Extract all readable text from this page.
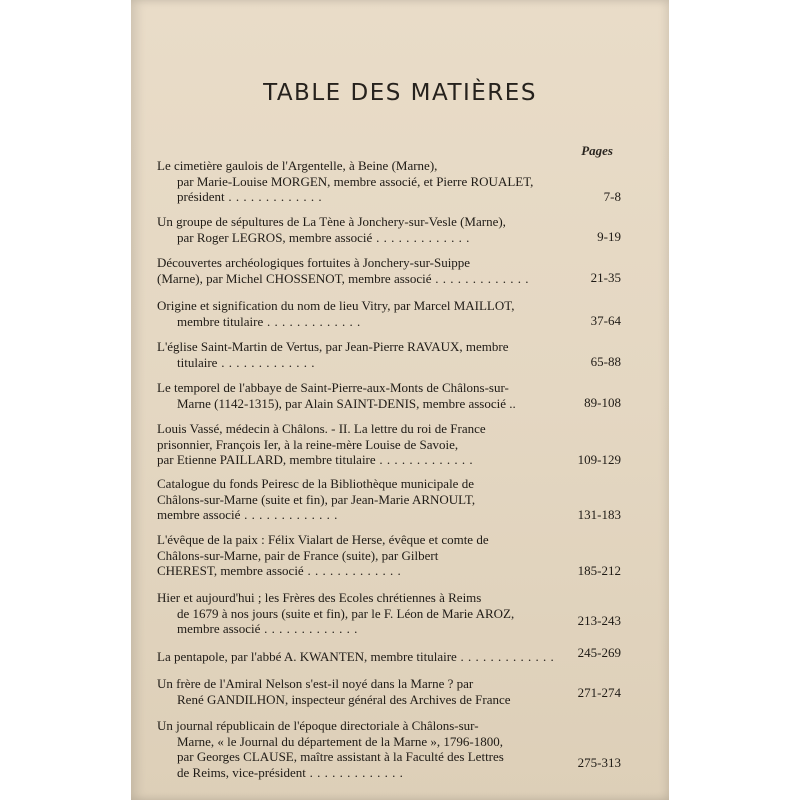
TABLE DES MATIÈRES
Pages
Le cimetière gaulois de l'Argentelle, à Beine (Marne),
par Marie-Louise MORGEN, membre associé, et Pierre ROUALET,
président . . .	7-8
Un groupe de sépultures de La Tène à Jonchery-sur-Vesle (Marne),
par Roger LEGROS, membre associé . . .	9-19
Découvertes archéologiques fortuites à Jonchery-sur-Suippe
(Marne), par Michel CHOSSENOT, membre associé . . .	21-35
Origine et signification du nom de lieu Vitry, par Marcel MAILLOT,
membre titulaire . . .	37-64
L'église Saint-Martin de Vertus, par Jean-Pierre RAVAUX, membre
titulaire . . .	65-88
Le temporel de l'abbaye de Saint-Pierre-aux-Monts de Châlons-sur-
Marne (1142-1315), par Alain SAINT-DENIS, membre associé ..	89-108
Louis Vassé, médecin à Châlons. - II. La lettre du roi de France
prisonnier, François Ier, à la reine-mère Louise de Savoie,
par Etienne PAILLARD, membre titulaire . . .	109-129
Catalogue du fonds Peiresc de la Bibliothèque municipale de
Châlons-sur-Marne (suite et fin), par Jean-Marie ARNOULT,
membre associé . . .	131-183
L'évêque de la paix : Félix Vialart de Herse, évêque et comte de
Châlons-sur-Marne, pair de France (suite), par Gilbert
CHEREST, membre associé . . .	185-212
Hier et aujourd'hui ; les Frères des Ecoles chrétiennes à Reims
de 1679 à nos jours (suite et fin), par le F. Léon de Marie AROZ,
membre associé . . .
213-243
La pentapole, par l'abbé A. KWANTEN, membre titulaire . . .	245-269
Un frère de l'Amiral Nelson s'est-il noyé dans la Marne ? par
René GANDILHON, inspecteur général des Archives de France	271-274
Un journal républicain de l'époque directoriale à Châlons-sur-
Marne, « le Journal du département de la Marne », 1796-1800,
par Georges CLAUSE, maître assistant à la Faculté des Lettres
de Reims, vice-président . . .
275-313
